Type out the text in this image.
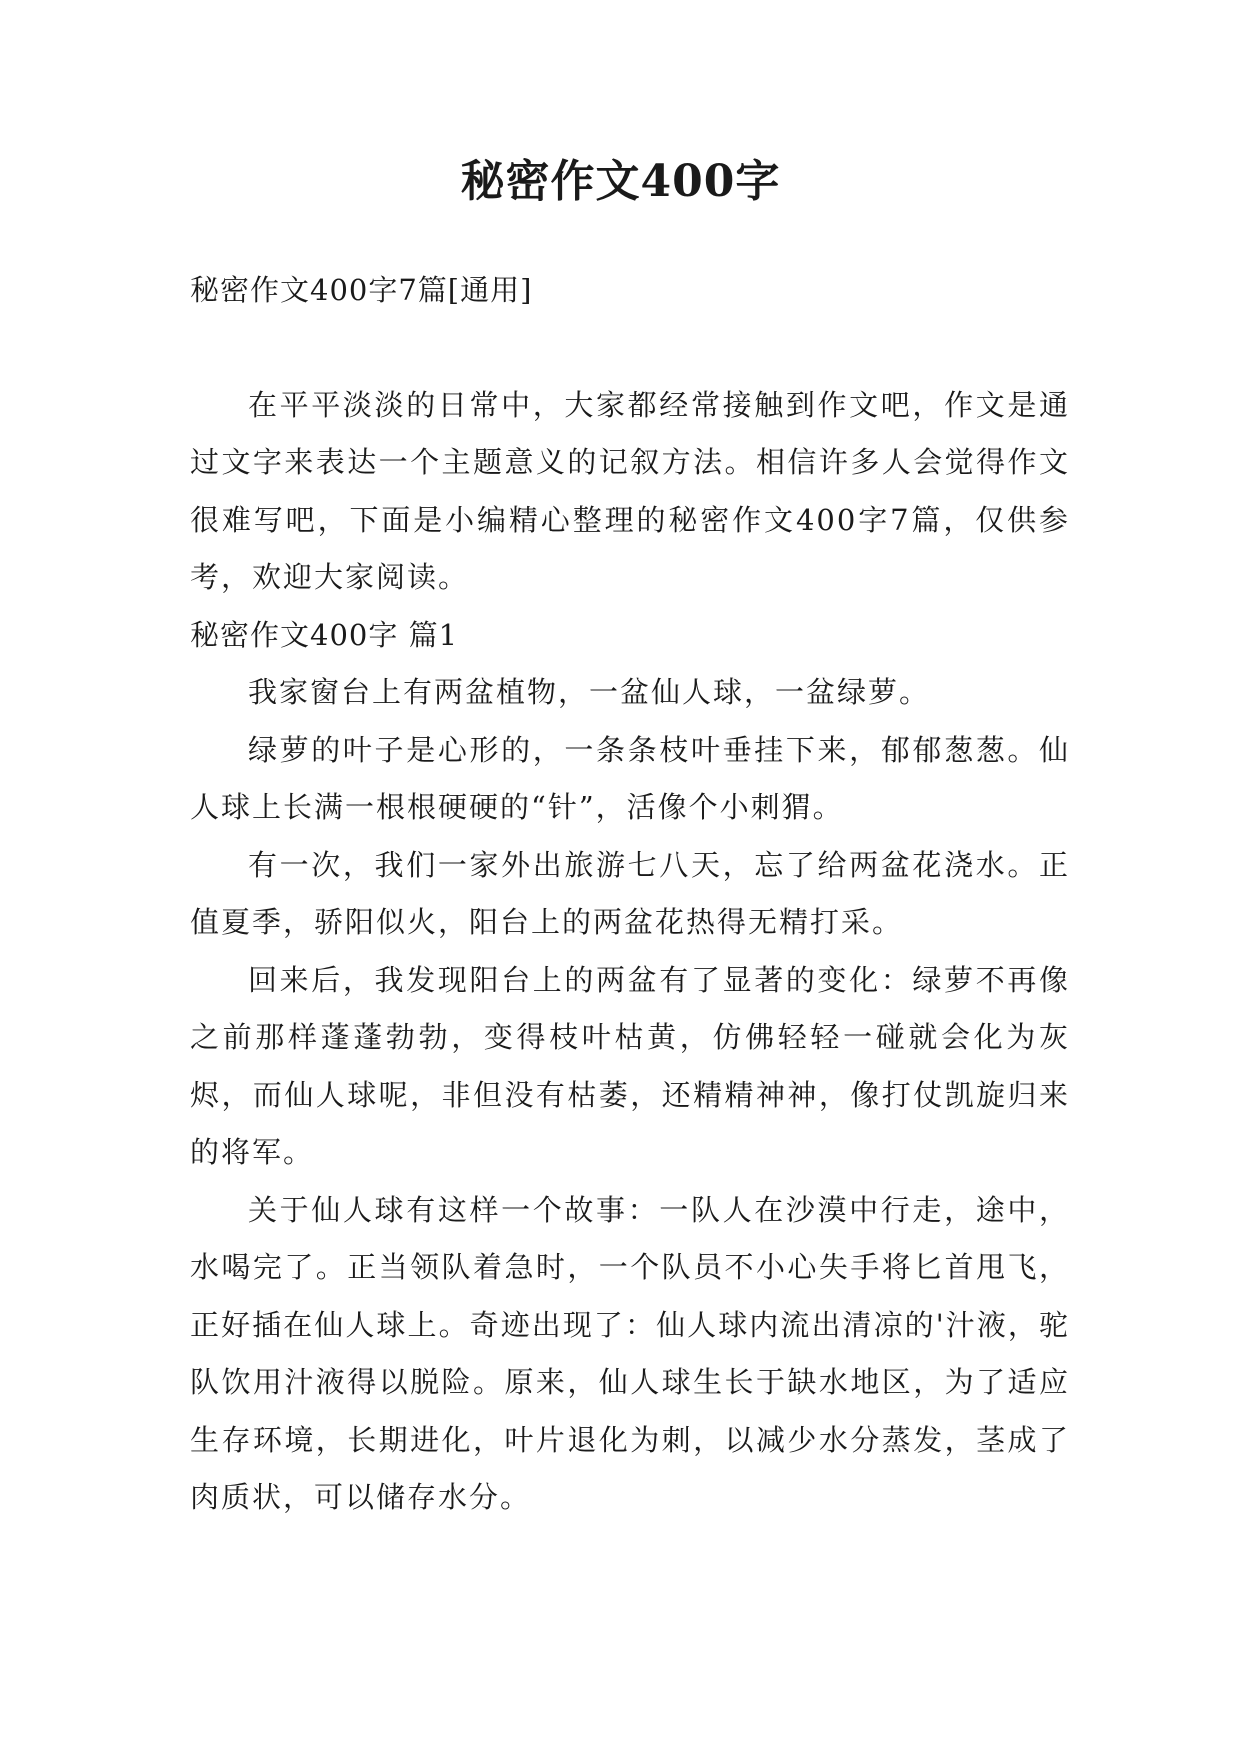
秘密作文400字

秘密作文400字7篇[通用]

在平平淡淡的日常中，大家都经常接触到作文吧，作文是通过文字来表达一个主题意义的记叙方法。相信许多人会觉得作文很难写吧，下面是小编精心整理的秘密作文400字7篇，仅供参考，欢迎大家阅读。

秘密作文400字 篇1

我家窗台上有两盆植物，一盆仙人球，一盆绿萝。

绿萝的叶子是心形的，一条条枝叶垂挂下来，郁郁葱葱。仙人球上长满一根根硬硬的“针”，活像个小刺猬。

有一次，我们一家外出旅游七八天，忘了给两盆花浇水。正值夏季，骄阳似火，阳台上的两盆花热得无精打采。

回来后，我发现阳台上的两盆有了显著的变化：绿萝不再像之前那样蓬蓬勃勃，变得枝叶枯黄，仿佛轻轻一碰就会化为灰烬，而仙人球呢，非但没有枯萎，还精精神神，像打仗凯旋归来的将军。

关于仙人球有这样一个故事：一队人在沙漠中行走，途中，水喝完了。正当领队着急时，一个队员不小心失手将匕首甩飞，正好插在仙人球上。奇迹出现了：仙人球内流出清凉的'汁液，驼队饮用汁液得以脱险。原来，仙人球生长于缺水地区，为了适应生存环境，长期进化，叶片退化为刺，以减少水分蒸发，茎成了肉质状，可以储存水分。
